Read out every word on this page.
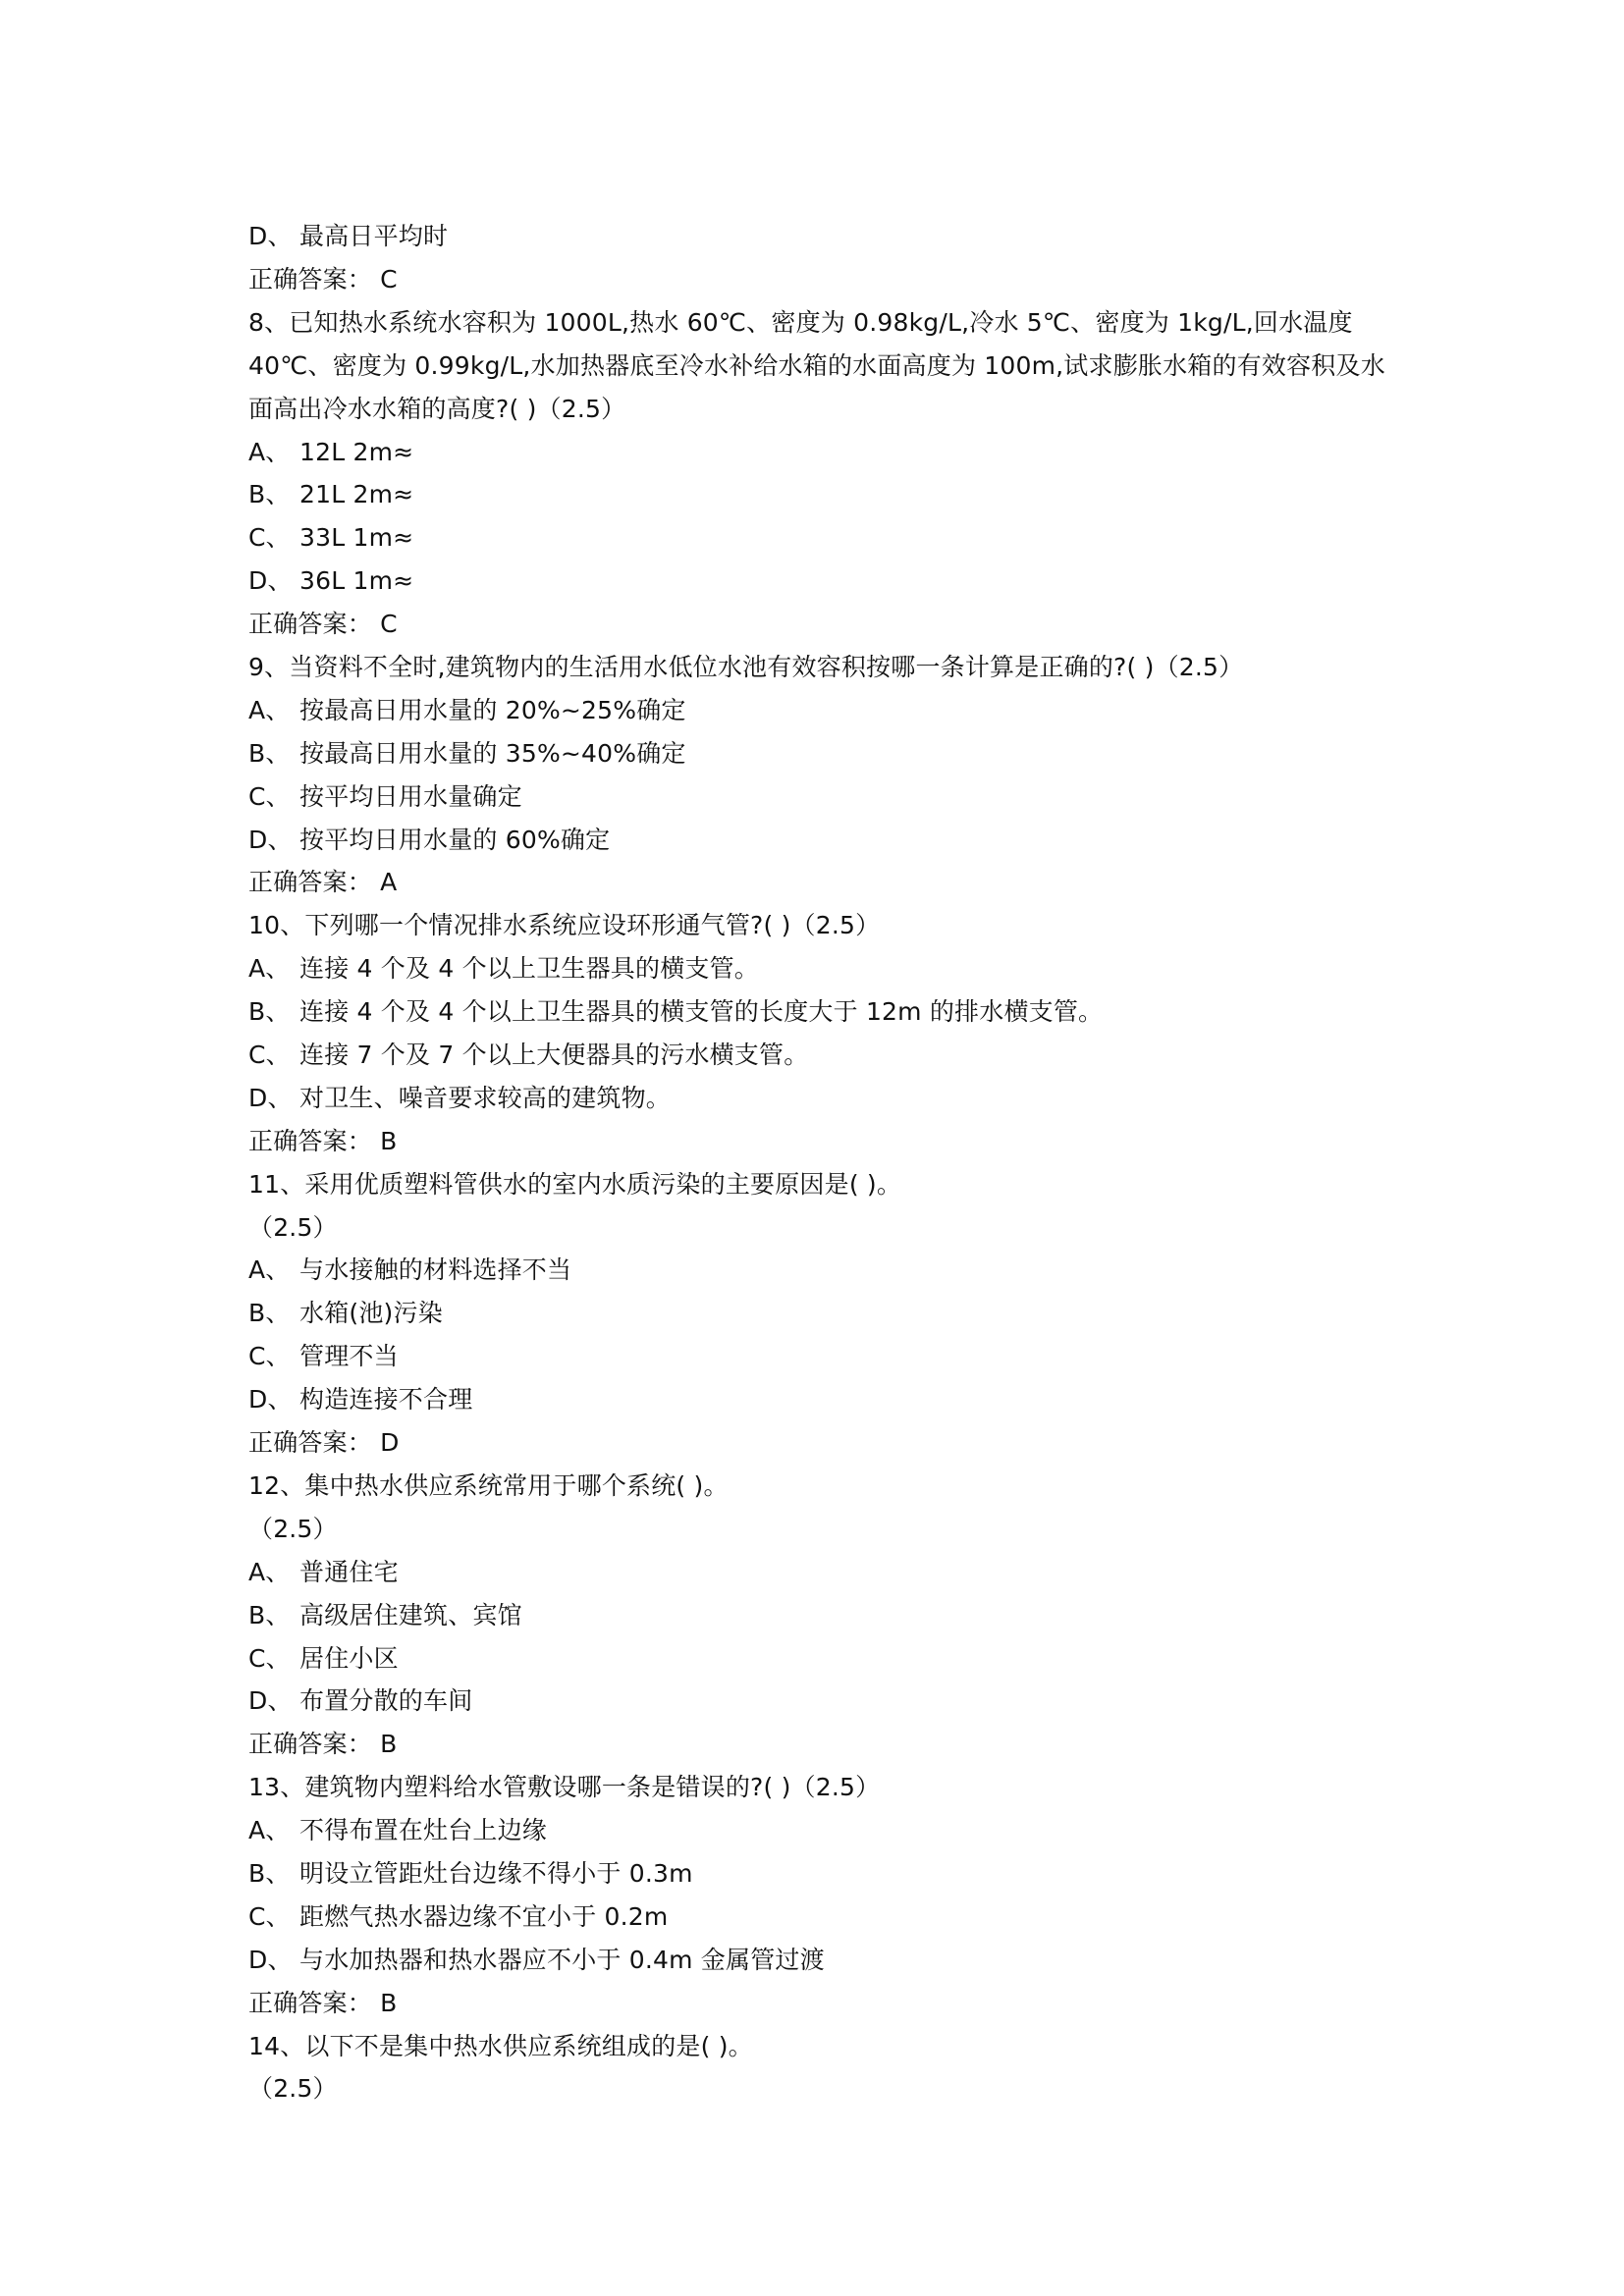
D、 最高日平均时
正确答案： C
8、已知热水系统水容积为 1000L,热水 60℃、密度为 0.98kg/L,冷水 5℃、密度为 1kg/L,回水温度 40℃、密度为 0.99kg/L,水加热器底至冷水补给水箱的水面高度为 100m,试求膨胀水箱的有效容积及水面高出冷水水箱的高度?( )（2.5）
A、 12L 2m≈
B、 21L 2m≈
C、 33L 1m≈
D、 36L 1m≈
正确答案： C
9、当资料不全时,建筑物内的生活用水低位水池有效容积按哪一条计算是正确的?( )（2.5）
A、 按最高日用水量的 20%~25%确定
B、 按最高日用水量的 35%~40%确定
C、 按平均日用水量确定
D、 按平均日用水量的 60%确定
正确答案： A
10、下列哪一个情况排水系统应设环形通气管?( )（2.5）
A、 连接 4 个及 4 个以上卫生器具的横支管。
B、 连接 4 个及 4 个以上卫生器具的横支管的长度大于 12m 的排水横支管。
C、 连接 7 个及 7 个以上大便器具的污水横支管。
D、 对卫生、噪音要求较高的建筑物。
正确答案： B
11、采用优质塑料管供水的室内水质污染的主要原因是( )。
（2.5）
A、 与水接触的材料选择不当
B、 水箱(池)污染
C、 管理不当
D、 构造连接不合理
正确答案： D
12、集中热水供应系统常用于哪个系统( )。
（2.5）
A、 普通住宅
B、 高级居住建筑、宾馆
C、 居住小区
D、 布置分散的车间
正确答案： B
13、建筑物内塑料给水管敷设哪一条是错误的?( )（2.5）
A、 不得布置在灶台上边缘
B、 明设立管距灶台边缘不得小于 0.3m
C、 距燃气热水器边缘不宜小于 0.2m
D、 与水加热器和热水器应不小于 0.4m 金属管过渡
正确答案： B
14、以下不是集中热水供应系统组成的是( )。
（2.5）
